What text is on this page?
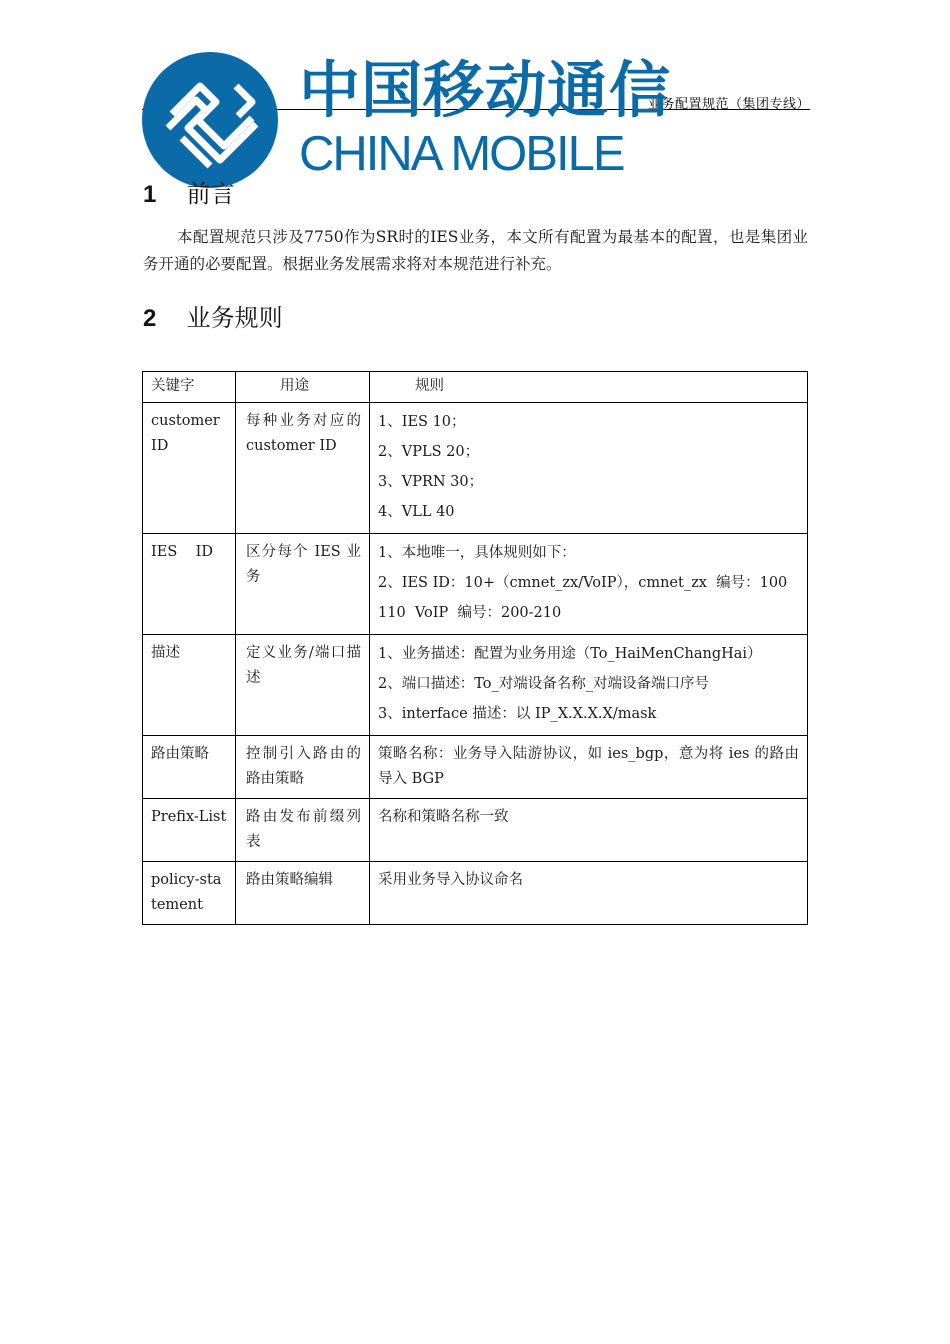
业务配置规范（集团专线）
中国移动通信
CHINA MOBILE
1 前言
本配置规范只涉及7750作为SR时的IES业务，本文所有配置为最基本的配置，也是集团业务开通的必要配置。根据业务发展需求将对本规范进行补充。
2 业务规则
关键字	用途	规则
customer ID	每种业务对应的customer ID	1、IES 10；
2、VPLS 20；
3、VPRN 30；
4、VLL 40

IES    ID	区分每个 IES 业务	1、本地唯一，具体规则如下：
2、IES ID：10+（cmnet_zx/VoIP），cmnet_zx  编号：100    110  VoIP  编号：200-210

描述	定义业务/端口描述	1、业务描述：配置为业务用途（To_HaiMenChangHai）
2、端口描述：To_对端设备名称_对端设备端口序号
3、interface 描述：以 IP_X.X.X.X/mask

路由策略	控制引入路由的路由策略	策略名称：业务导入陆游协议，如 ies_bgp，意为将 ies 的路由导入 BGP
Prefix-List	路由发布前缀列表	名称和策略名称一致
policy-statement	路由策略编辑	采用业务导入协议命名
